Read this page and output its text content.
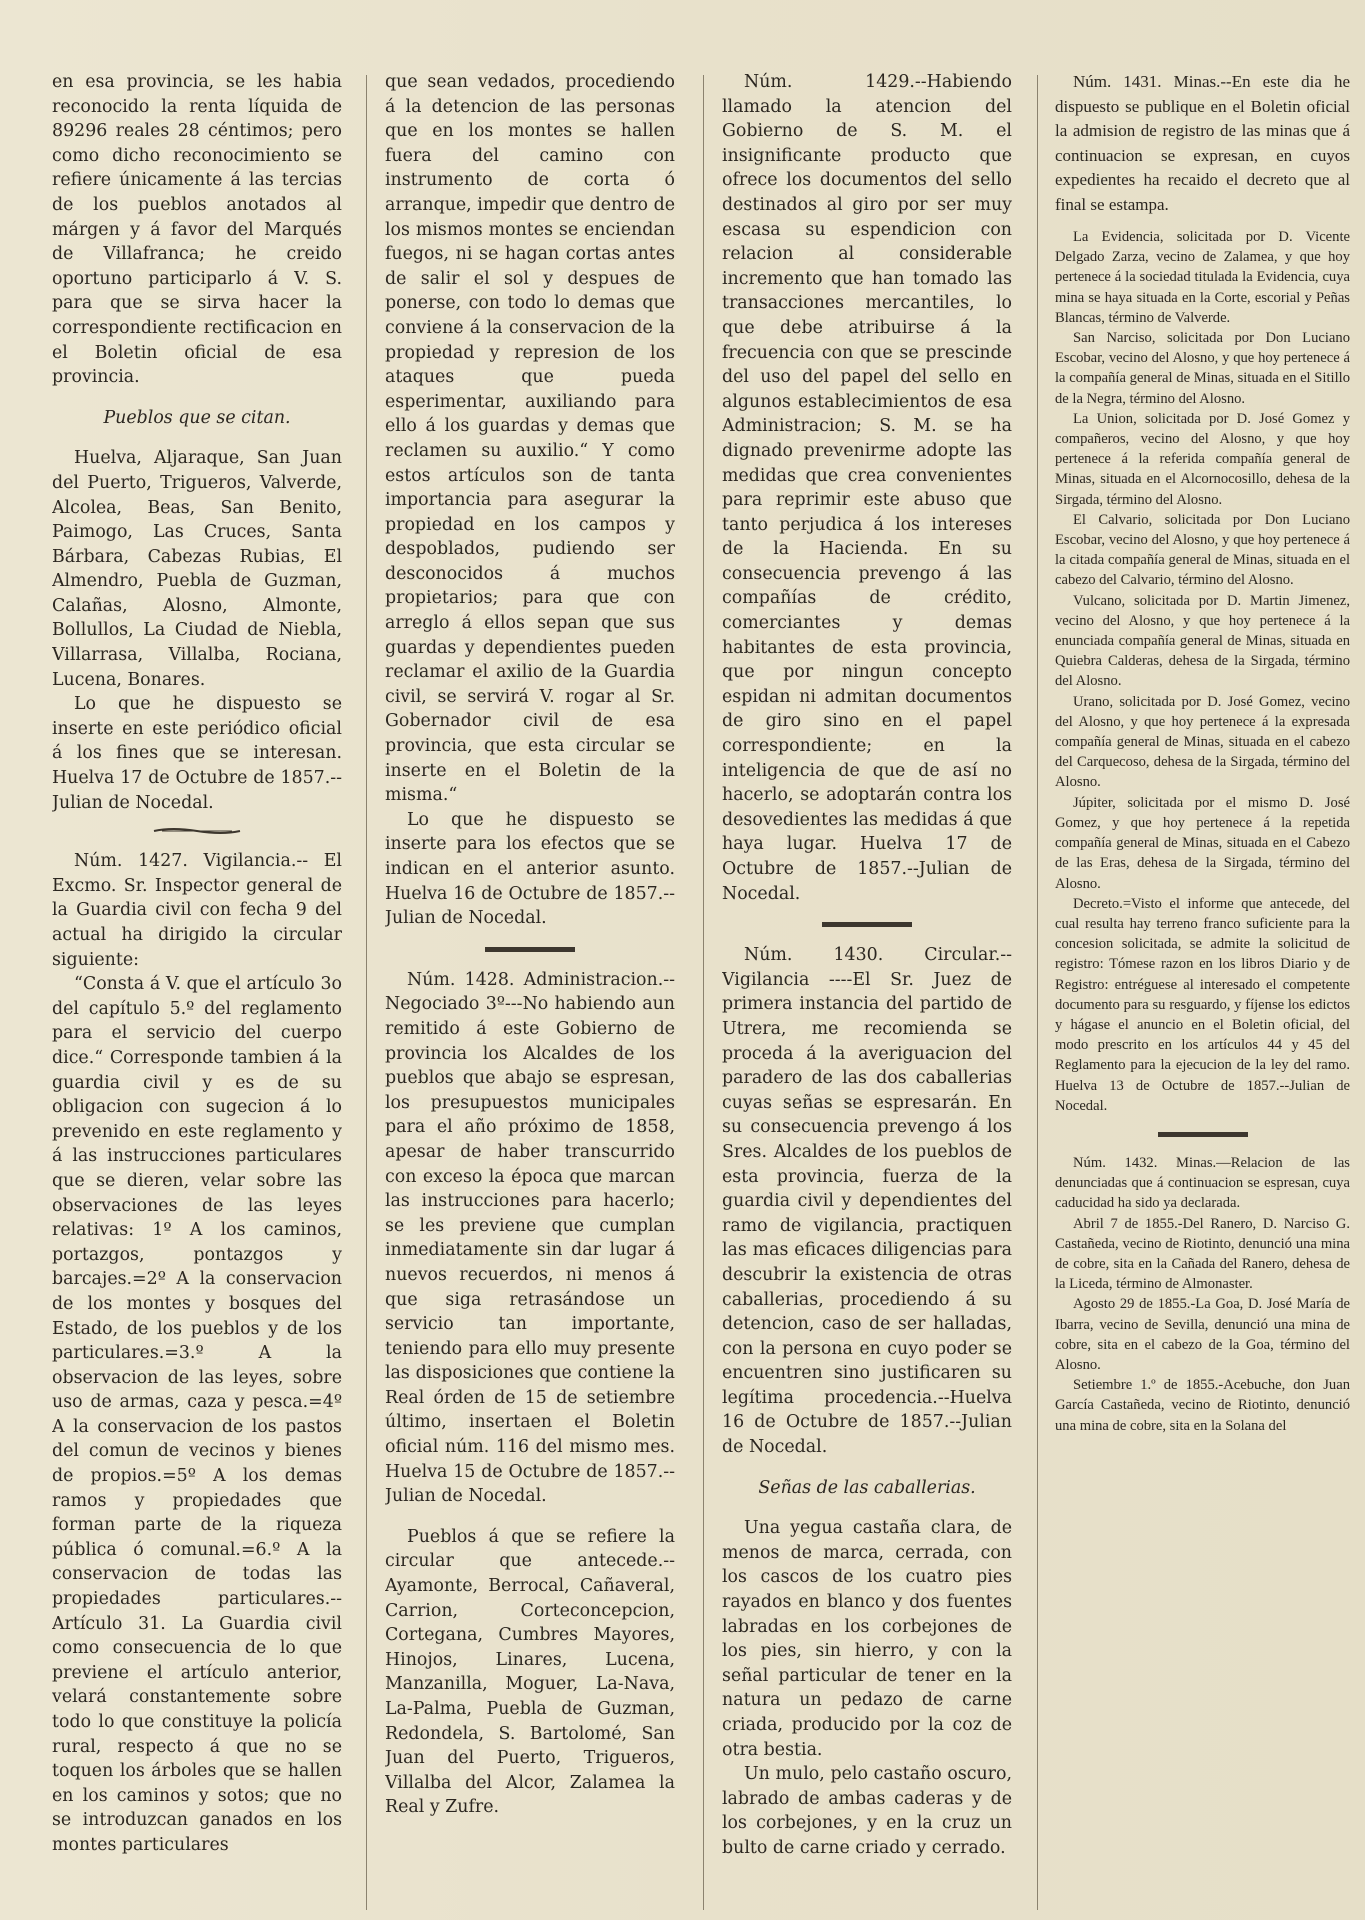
en esa provincia, se les habia reconocido la renta líquida de 89296 reales 28 céntimos; pero como dicho reconocimiento se refiere únicamente á las tercias de los pueblos anotados al márgen y á favor del Marqués de Villafranca; he creido oportuno participarlo á V. S. para que se sirva hacer la correspondiente rectificacion en el Boletin oficial de esa provincia.

Pueblos que se citan.

Huelva, Aljaraque, San Juan del Puerto, Trigueros, Valverde, Alcolea, Beas, San Benito, Paimogo, Las Cruces, Santa Bárbara, Cabezas Rubias, El Almendro, Puebla de Guzman, Calañas, Alosno, Almonte, Bollullos, La Ciudad de Niebla, Villarrasa, Villalba, Rociana, Lucena, Bonares.

Lo que he dispuesto se inserte en este periódico oficial á los fines que se interesan. Huelva 17 de Octubre de 1857.--Julian de Nocedal.

Núm. 1427. Vigilancia.-- El Excmo. Sr. Inspector general de la Guardia civil con fecha 9 del actual ha dirigido la circular siguiente:

“Consta á V. que el artículo 3o del capítulo 5.º del reglamento para el servicio del cuerpo dice.“ Corresponde tambien á la guardia civil y es de su obligacion con sugecion á lo prevenido en este reglamento y á las instrucciones particulares que se dieren, velar sobre las observaciones de las leyes relativas: 1º A los caminos, portazgos, pontazgos y barcajes.=2º A la conservacion de los montes y bosques del Estado, de los pueblos y de los particulares.=3.º A la observacion de las leyes, sobre uso de armas, caza y pesca.=4º A la conservacion de los pastos del comun de vecinos y bienes de propios.=5º A los demas ramos y propiedades que forman parte de la riqueza pública ó comunal.=6.º A la conservacion de todas las propiedades particulares.--Artículo 31. La Guardia civil como consecuencia de lo que previene el artículo anterior, velará constantemente sobre todo lo que constituye la policía rural, respecto á que no se toquen los árboles que se hallen en los caminos y sotos; que no se introduzcan ganados en los montes particulares

que sean vedados, procediendo á la detencion de las personas que en los montes se hallen fuera del camino con instrumento de corta ó arranque, impedir que dentro de los mismos montes se enciendan fuegos, ni se hagan cortas antes de salir el sol y despues de ponerse, con todo lo demas que conviene á la conservacion de la propiedad y represion de los ataques que pueda esperimentar, auxiliando para ello á los guardas y demas que reclamen su auxilio.“ Y como estos artículos son de tanta importancia para asegurar la propiedad en los campos y despoblados, pudiendo ser desconocidos á muchos propietarios; para que con arreglo á ellos sepan que sus guardas y dependientes pueden reclamar el axilio de la Guardia civil, se servirá V. rogar al Sr. Gobernador civil de esa provincia, que esta circular se inserte en el Boletin de la misma.“

Lo que he dispuesto se inserte para los efectos que se indican en el anterior asunto. Huelva 16 de Octubre de 1857.--Julian de Nocedal.

Núm. 1428. Administracion.--Negociado 3º---No habiendo aun remitido á este Gobierno de provincia los Alcaldes de los pueblos que abajo se espresan, los presupuestos municipales para el año próximo de 1858, apesar de haber transcurrido con exceso la época que marcan las instrucciones para hacerlo; se les previene que cumplan inmediatamente sin dar lugar á nuevos recuerdos, ni menos á que siga retrasándose un servicio tan importante, teniendo para ello muy presente las disposiciones que contiene la Real órden de 15 de setiembre último, insertaen el Boletin oficial núm. 116 del mismo mes. Huelva 15 de Octubre de 1857.--Julian de Nocedal.

Pueblos á que se refiere la circular que antecede.--Ayamonte, Berrocal, Cañaveral, Carrion, Corteconcepcion, Cortegana, Cumbres Mayores, Hinojos, Linares, Lucena, Manzanilla, Moguer, La-Nava, La-Palma, Puebla de Guzman, Redondela, S. Bartolomé, San Juan del Puerto, Trigueros, Villalba del Alcor, Zalamea la Real y Zufre.

Núm. 1429.--Habiendo llamado la atencion del Gobierno de S. M. el insignificante producto que ofrece los documentos del sello destinados al giro por ser muy escasa su espendicion con relacion al considerable incremento que han tomado las transacciones mercantiles, lo que debe atribuirse á la frecuencia con que se prescinde del uso del papel del sello en algunos establecimientos de esa Administracion; S. M. se ha dignado prevenirme adopte las medidas que crea convenientes para reprimir este abuso que tanto perjudica á los intereses de la Hacienda. En su consecuencia prevengo á las compañías de crédito, comerciantes y demas habitantes de esta provincia, que por ningun concepto espidan ni admitan documentos de giro sino en el papel correspondiente; en la inteligencia de que de así no hacerlo, se adoptarán contra los desovedientes las medidas á que haya lugar. Huelva 17 de Octubre de 1857.--Julian de Nocedal.

Núm. 1430. Circular.-- Vigilancia ----El Sr. Juez de primera instancia del partido de Utrera, me recomienda se proceda á la averiguacion del paradero de las dos caballerias cuyas señas se espresarán. En su consecuencia prevengo á los Sres. Alcaldes de los pueblos de esta provincia, fuerza de la guardia civil y dependientes del ramo de vigilancia, practiquen las mas eficaces diligencias para descubrir la existencia de otras caballerias, procediendo á su detencion, caso de ser halladas, con la persona en cuyo poder se encuentren sino justificaren su legítima procedencia.--Huelva 16 de Octubre de 1857.--Julian de Nocedal.

Señas de las caballerias.

Una yegua castaña clara, de menos de marca, cerrada, con los cascos de los cuatro pies rayados en blanco y dos fuentes labradas en los corbejones de los pies, sin hierro, y con la señal particular de tener en la natura un pedazo de carne criada, producido por la coz de otra bestia.

Un mulo, pelo castaño oscuro, labrado de ambas caderas y de los corbejones, y en la cruz un bulto de carne criado y cerrado.

Núm. 1431. Minas.--En este dia he dispuesto se publique en el Boletin oficial la admision de registro de las minas que á continuacion se expresan, en cuyos expedientes ha recaido el decreto que al final se estampa.

La Evidencia, solicitada por D. Vicente Delgado Zarza, vecino de Zalamea, y que hoy pertenece á la sociedad titulada la Evidencia, cuya mina se haya situada en la Corte, escorial y Peñas Blancas, término de Valverde.

San Narciso, solicitada por Don Luciano Escobar, vecino del Alosno, y que hoy pertenece á la compañía general de Minas, situada en el Sitillo de la Negra, término del Alosno.

La Union, solicitada por D. José Gomez y compañeros, vecino del Alosno, y que hoy pertenece á la referida compañía general de Minas, situada en el Alcornocosillo, dehesa de la Sirgada, término del Alosno.

El Calvario, solicitada por Don Luciano Escobar, vecino del Alosno, y que hoy pertenece á la citada compañía general de Minas, situada en el cabezo del Calvario, término del Alosno.

Vulcano, solicitada por D. Martin Jimenez, vecino del Alosno, y que hoy pertenece á la enunciada compañía general de Minas, situada en Quiebra Calderas, dehesa de la Sirgada, término del Alosno.

Urano, solicitada por D. José Gomez, vecino del Alosno, y que hoy pertenece á la expresada compañía general de Minas, situada en el cabezo del Carquecoso, dehesa de la Sirgada, término del Alosno.

Júpiter, solicitada por el mismo D. José Gomez, y que hoy pertenece á la repetida compañía general de Minas, situada en el Cabezo de las Eras, dehesa de la Sirgada, término del Alosno.

Decreto.=Visto el informe que antecede, del cual resulta hay terreno franco suficiente para la concesion solicitada, se admite la solicitud de registro: Tómese razon en los libros Diario y de Registro: entréguese al interesado el competente documento para su resguardo, y fíjense los edictos y hágase el anuncio en el Boletin oficial, del modo prescrito en los artículos 44 y 45 del Reglamento para la ejecucion de la ley del ramo. Huelva 13 de Octubre de 1857.--Julian de Nocedal.

Núm. 1432. Minas.—Relacion de las denunciadas que á continuacion se espresan, cuya caducidad ha sido ya declarada.

Abril 7 de 1855.-Del Ranero, D. Narciso G. Castañeda, vecino de Riotinto, denunció una mina de cobre, sita en la Cañada del Ranero, dehesa de la Liceda, término de Almonaster.

Agosto 29 de 1855.-La Goa, D. José María de Ibarra, vecino de Sevilla, denunció una mina de cobre, sita en el cabezo de la Goa, término del Alosno.

Setiembre 1.º de 1855.-Acebuche, don Juan García Castañeda, vecino de Riotinto, denunció una mina de cobre, sita en la Solana del
